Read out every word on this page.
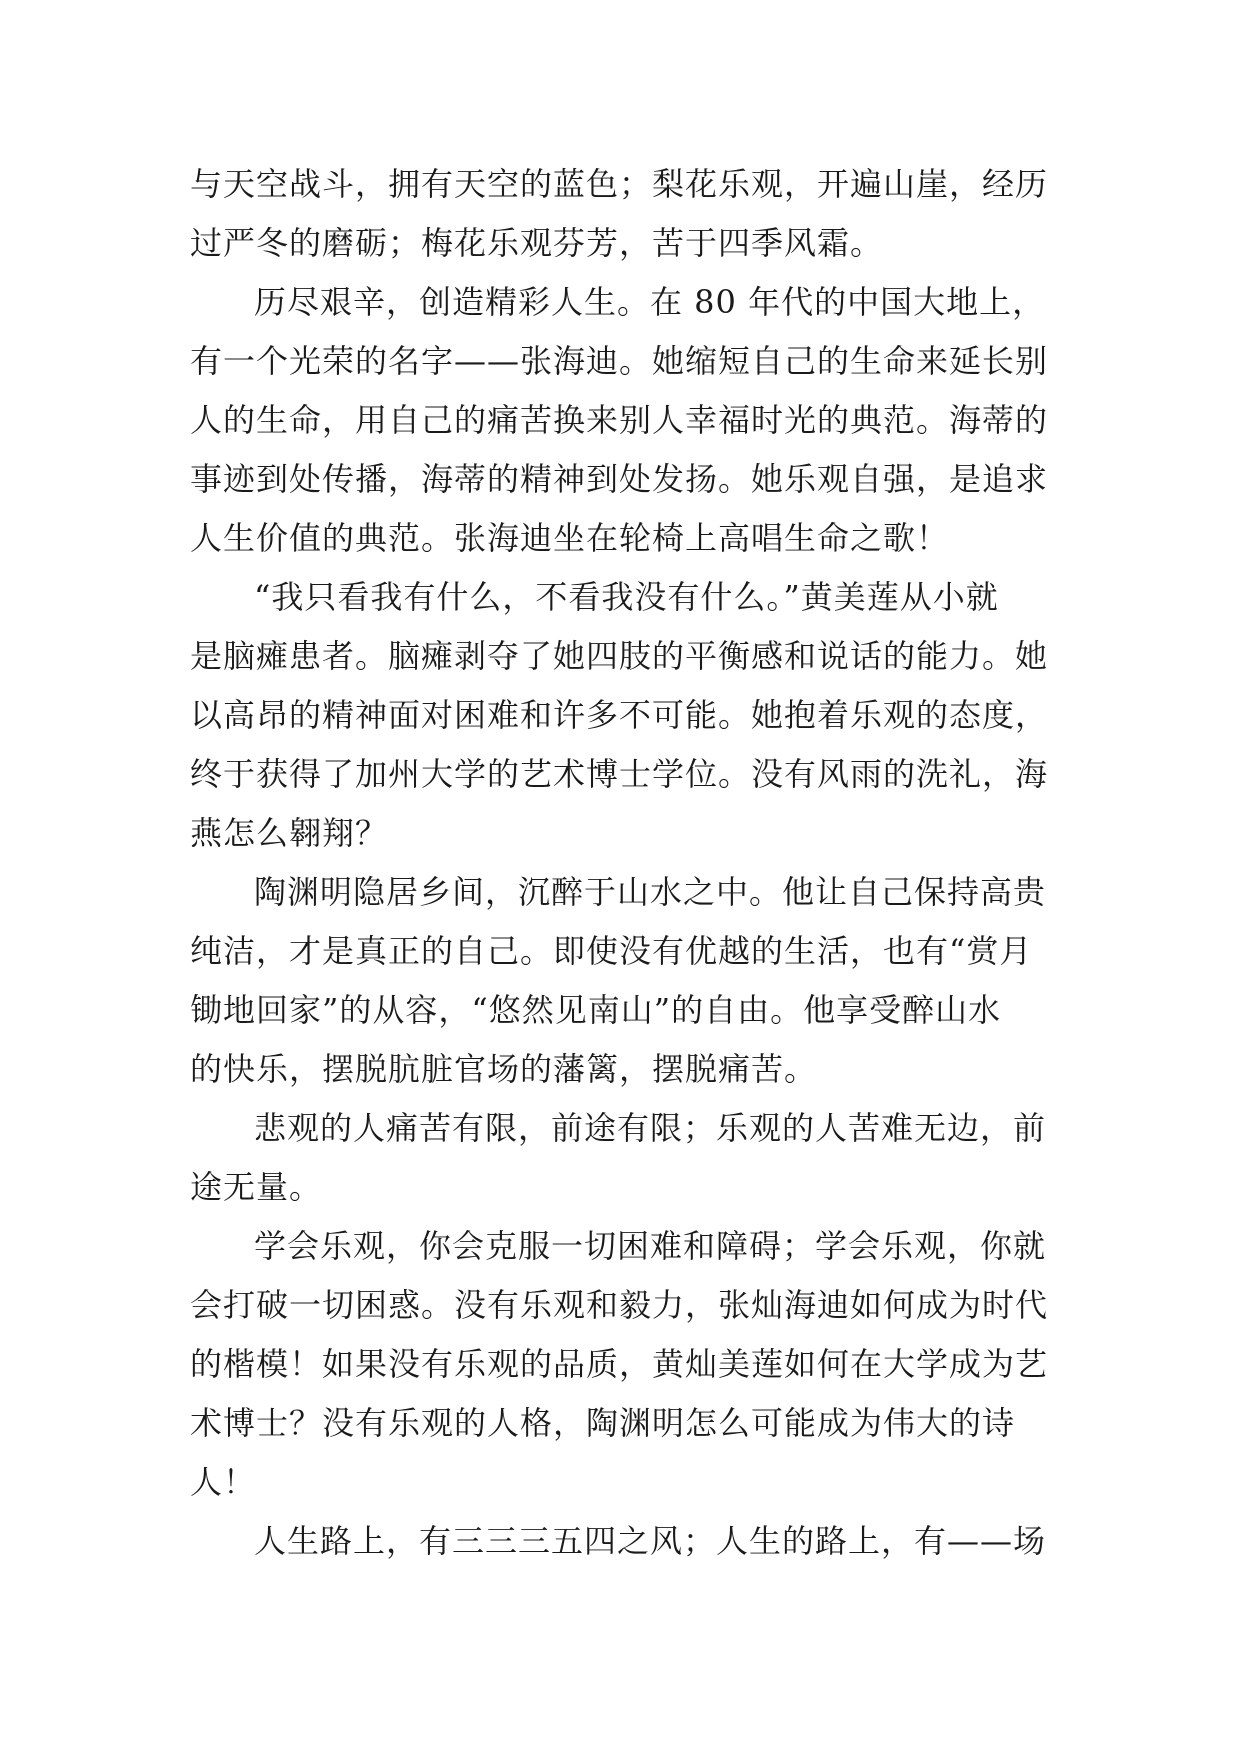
与天空战斗，拥有天空的蓝色；梨花乐观，开遍山崖，经历
过严冬的磨砺；梅花乐观芬芳，苦于四季风霜。
历尽艰辛，创造精彩人生。在 80 年代的中国大地上，
有一个光荣的名字——张海迪。她缩短自己的生命来延长别
人的生命，用自己的痛苦换来别人幸福时光的典范。海蒂的
事迹到处传播，海蒂的精神到处发扬。她乐观自强，是追求
人生价值的典范。张海迪坐在轮椅上高唱生命之歌！
“我只看我有什么，不看我没有什么。”黄美莲从小就
是脑瘫患者。脑瘫剥夺了她四肢的平衡感和说话的能力。她
以高昂的精神面对困难和许多不可能。她抱着乐观的态度，
终于获得了加州大学的艺术博士学位。没有风雨的洗礼，海
燕怎么翱翔？
陶渊明隐居乡间，沉醉于山水之中。他让自己保持高贵
纯洁，才是真正的自己。即使没有优越的生活，也有“赏月
锄地回家”的从容，“悠然见南山”的自由。他享受醉山水
的快乐，摆脱肮脏官场的藩篱，摆脱痛苦。
悲观的人痛苦有限，前途有限；乐观的人苦难无边，前
途无量。
学会乐观，你会克服一切困难和障碍；学会乐观，你就
会打破一切困惑。没有乐观和毅力，张灿海迪如何成为时代
的楷模！如果没有乐观的品质，黄灿美莲如何在大学成为艺
术博士？没有乐观的人格，陶渊明怎么可能成为伟大的诗
人！
人生路上，有三三三五四之风；人生的路上，有——场
